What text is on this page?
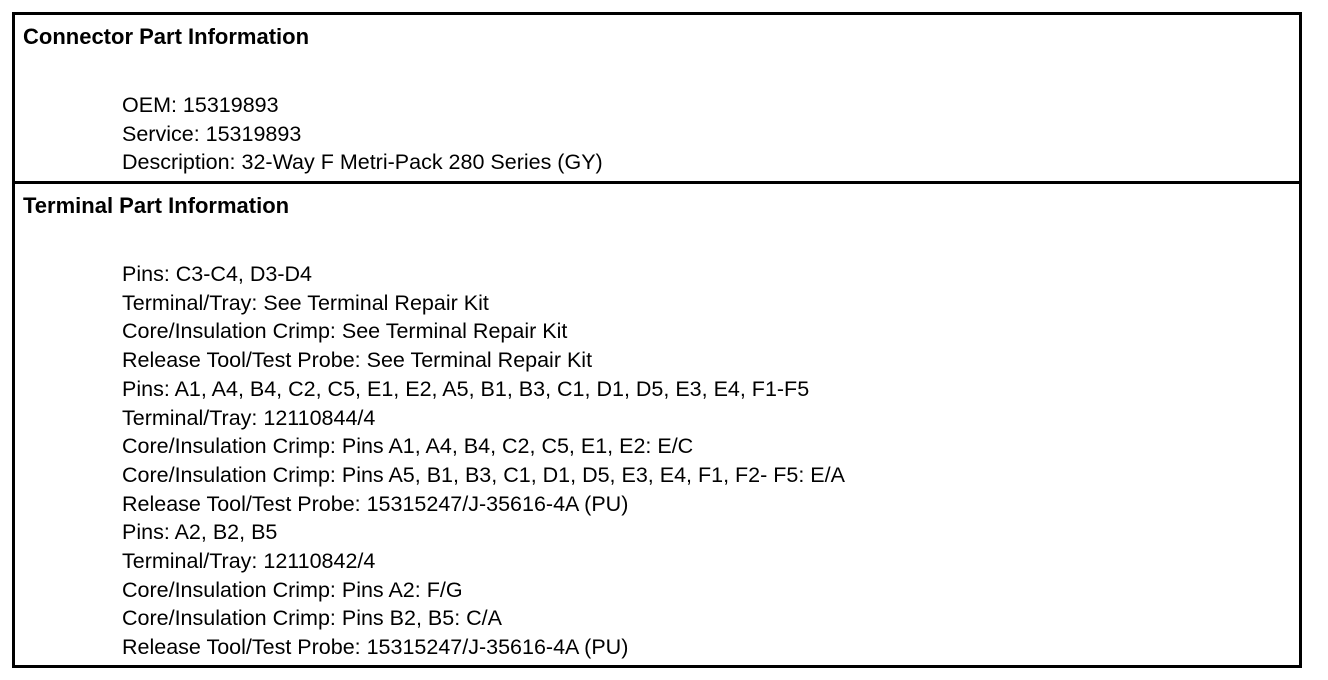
Connector Part Information
OEM: 15319893
Service: 15319893
Description: 32-Way F Metri-Pack 280 Series (GY)
Terminal Part Information
Pins: C3-C4, D3-D4
Terminal/Tray: See Terminal Repair Kit
Core/Insulation Crimp: See Terminal Repair Kit
Release Tool/Test Probe: See Terminal Repair Kit
Pins: A1, A4, B4, C2, C5, E1, E2, A5, B1, B3, C1, D1, D5, E3, E4, F1-F5
Terminal/Tray: 12110844/4
Core/Insulation Crimp: Pins A1, A4, B4, C2, C5, E1, E2: E/C
Core/Insulation Crimp: Pins A5, B1, B3, C1, D1, D5, E3, E4, F1, F2- F5: E/A
Release Tool/Test Probe: 15315247/J-35616-4A (PU)
Pins: A2, B2, B5
Terminal/Tray: 12110842/4
Core/Insulation Crimp: Pins A2: F/G
Core/Insulation Crimp: Pins B2, B5: C/A
Release Tool/Test Probe: 15315247/J-35616-4A (PU)
